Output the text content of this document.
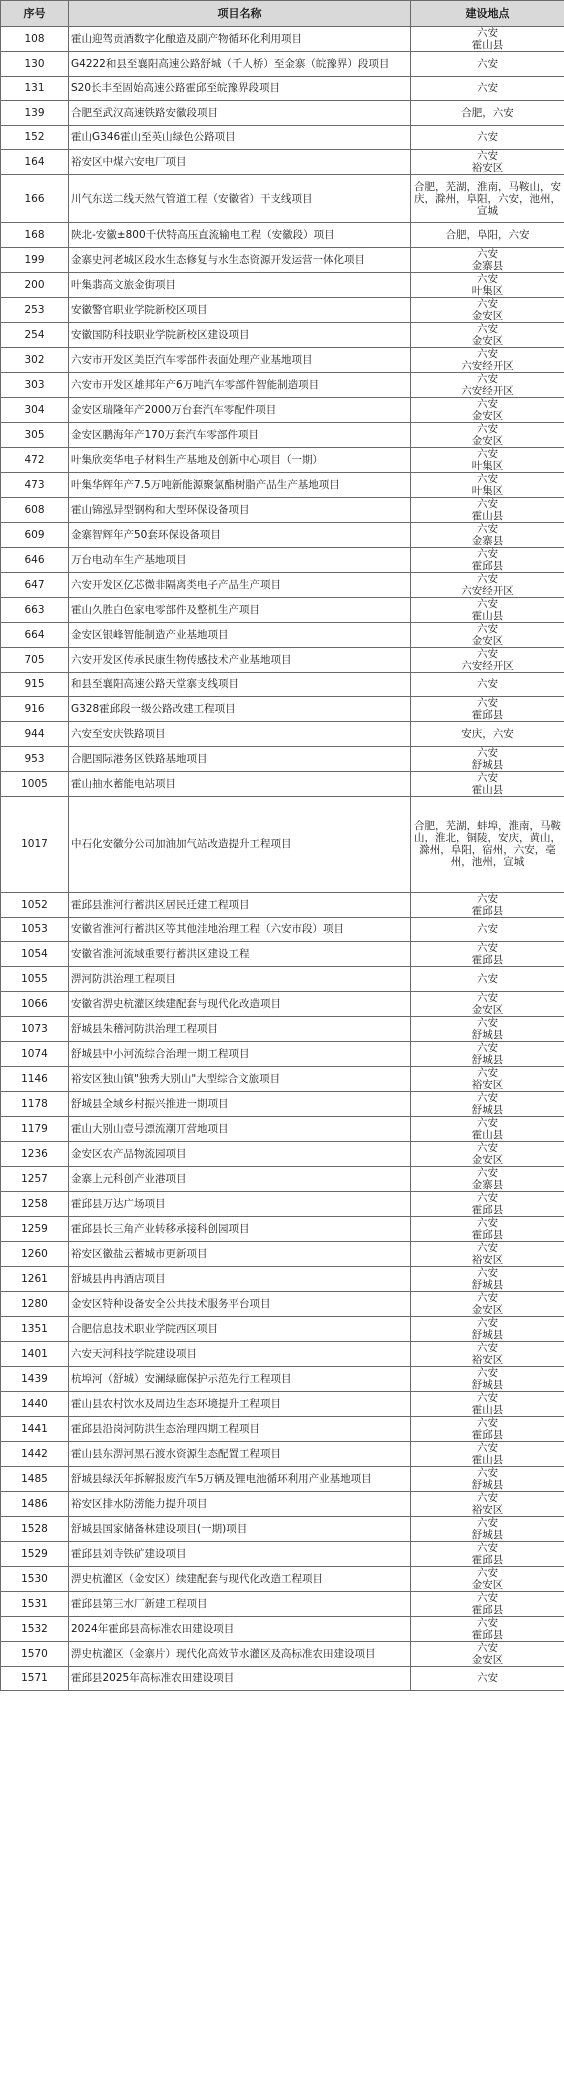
序号	项目名称	建设地点
108	霍山迎驾贡酒数字化酿造及副产物循环化利用项目	六安
霍山县

130	G4222和县至襄阳高速公路舒城（千人桥）至金寨（皖豫界）段项目	六安

131	S20长丰至固始高速公路霍邱至皖豫界段项目	六安

139	合肥至武汉高速铁路安徽段项目	合肥，六安

152	霍山G346霍山至英山绿色公路项目	六安

164	裕安区中煤六安电厂项目	六安
裕安区

166	川气东送二线天然气管道工程（安徽省）干支线项目	合肥，芜湖，淮南，马鞍山，安庆，滁州，阜阳，六安，池州，宣城

168	陕北-安徽±800千伏特高压直流输电工程（安徽段）项目	合肥，阜阳，六安

199	金寨史河老城区段水生态修复与水生态资源开发运营一体化项目	六安
金寨县

200	叶集翡高文旅金街项目	六安
叶集区

253	安徽警官职业学院新校区项目	六安
金安区

254	安徽国防科技职业学院新校区建设项目	六安
金安区

302	六安市开发区美臣汽车零部件表面处理产业基地项目	六安
六安经开区

303	六安市开发区雄邦年产6万吨汽车零部件智能制造项目	六安
六安经开区

304	金安区瑞隆年产2000万台套汽车零配件项目	六安
金安区

305	金安区鹏海年产170万套汽车零部件项目	六安
金安区

472	叶集欣奕华电子材料生产基地及创新中心项目（一期）	六安
叶集区

473	叶集华辉年产7.5万吨新能源聚氯酯树脂产品生产基地项目	六安
叶集区

608	霍山锦泓异型钢构和大型环保设备项目	六安
霍山县

609	金寨智辉年产50套环保设备项目	六安
金寨县

646	万台电动车生产基地项目	六安
霍邱县

647	六安开发区亿芯微非隔离类电子产品生产项目	六安
六安经开区

663	霍山久胜白色家电零部件及整机生产项目	六安
霍山县

664	金安区银峰智能制造产业基地项目	六安
金安区

705	六安开发区传承民康生物传感技术产业基地项目	六安
六安经开区

915	和县至襄阳高速公路天堂寨支线项目	六安

916	G328霍邱段一级公路改建工程项目	六安
霍邱县

944	六安至安庆铁路项目	安庆，六安

953	合肥国际港务区铁路基地项目	六安
舒城县

1005	霍山抽水蓄能电站项目	六安
霍山县

1017	中石化安徽分公司加油加气站改造提升工程项目	合肥，芜湖，蚌埠，淮南，马鞍山，淮北，铜陵，安庆，黄山，滁州，阜阳，宿州，六安，亳州，池州，宣城

1052	霍邱县淮河行蓄洪区居民迁建工程项目	六安
霍邱县

1053	安徽省淮河行蓄洪区等其他洼地治理工程（六安市段）项目	六安

1054	安徽省淮河流域重要行蓄洪区建设工程	六安
霍邱县

1055	淠河防洪治理工程项目	六安

1066	安徽省淠史杭灌区续建配套与现代化改造项目	六安
金安区

1073	舒城县朱稽河防洪治理工程项目	六安
舒城县

1074	舒城县中小河流综合治理一期工程项目	六安
舒城县

1146	裕安区独山镇"独秀大别山"大型综合文旅项目	六安
裕安区

1178	舒城县全域乡村振兴推进一期项目	六安
舒城县

1179	霍山大别山壹号漂流潮丌营地项目	六安
霍山县

1236	金安区农产品物流园项目	六安
金安区

1257	金寨上元科创产业港项目	六安
金寨县

1258	霍邱县万达广场项目	六安
霍邱县

1259	霍邱县长三角产业转移承接科创园项目	六安
霍邱县

1260	裕安区徽盐云蓄城市更新项目	六安
裕安区

1261	舒城县冉冉酒店项目	六安
舒城县

1280	金安区特种设备安全公共技术服务平台项目	六安
金安区

1351	合肥信息技术职业学院西区项目	六安
舒城县

1401	六安天河科技学院建设项目	六安
裕安区

1439	杭埠河（舒城）安澜绿廊保护示范先行工程项目	六安
舒城县

1440	霍山县农村饮水及周边生态环境提升工程项目	六安
霍山县

1441	霍邱县沿岗河防洪生态治理四期工程项目	六安
霍邱县

1442	霍山县东淠河黑石渡水资源生态配置工程项目	六安
霍山县

1485	舒城县绿沃年拆解报废汽车5万辆及锂电池循环利用产业基地项目	六安
舒城县

1486	裕安区排水防涝能力提升项目	六安
裕安区

1528	舒城县国家储备林建设项目(一期)项目	六安
舒城县

1529	霍邱县刘寺铁矿建设项目	六安
霍邱县

1530	淠史杭灌区（金安区）续建配套与现代化改造工程项目	六安
金安区

1531	霍邱县第三水厂新建工程项目	六安
霍邱县

1532	2024年霍邱县高标准农田建设项目	六安
霍邱县

1570	淠史杭灌区（金寨片）现代化高效节水灌区及高标准农田建设项目	六安
金安区

1571	霍邱县2025年高标准农田建设项目	六安
